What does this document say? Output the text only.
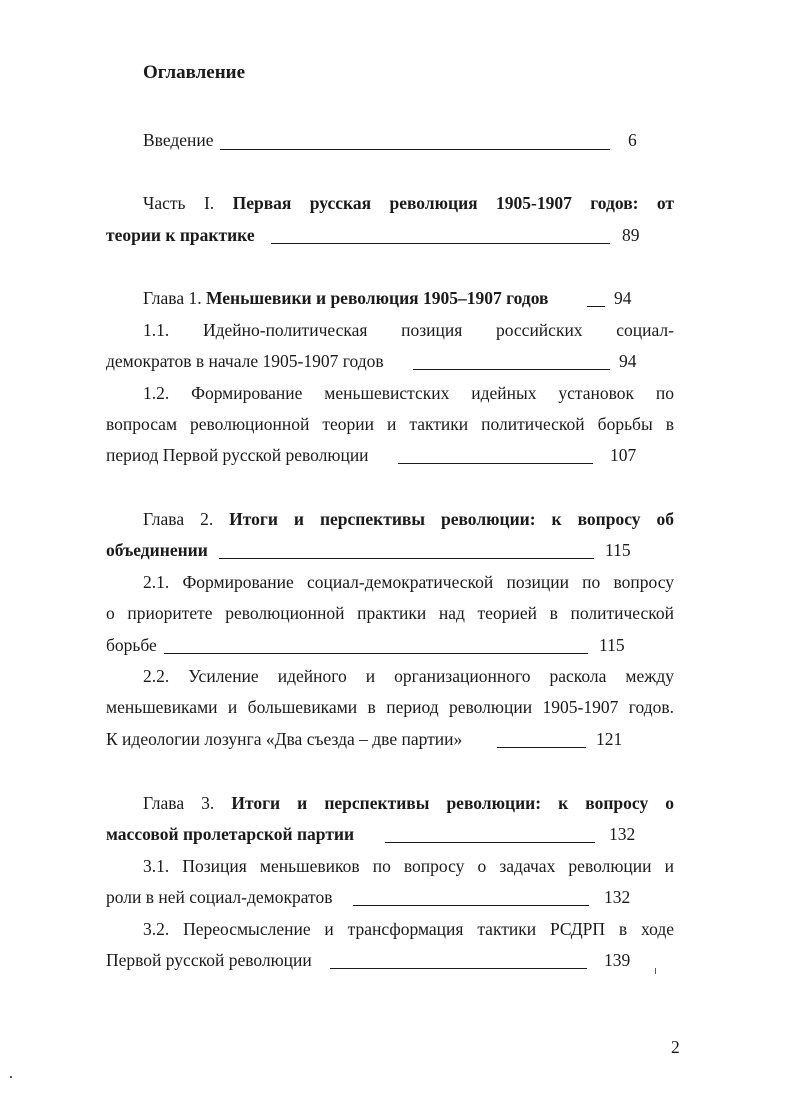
Оглавление
Введение	6
Часть I. Первая русская революция 1905-1907 годов: от
теории к практике	89
Глава 1. Меньшевики и революция 1905–1907 годов	94
1.1. Идейно-политическая позиция российских социал-
демократов в начале 1905-1907 годов	94
1.2. Формирование меньшевистских идейных установок по
вопросам революционной теории и тактики политической борьбы в
период Первой русской революции	107
Глава 2. Итоги и перспективы революции: к вопросу об
объединении	115
2.1. Формирование социал-демократической позиции по вопросу
о приоритете революционной практики над теорией в политической
борьбе	115
2.2. Усиление идейного и организационного раскола между
меньшевиками и большевиками в период революции 1905-1907 годов.
К идеологии лозунга «Два съезда – две партии»	121
Глава 3. Итоги и перспективы революции: к вопросу о
массовой пролетарской партии	132
3.1. Позиция меньшевиков по вопросу о задачах революции и
роли в ней социал-демократов	132
3.2. Переосмысление и трансформация тактики РСДРП в ходе
Первой русской революции	139
2
